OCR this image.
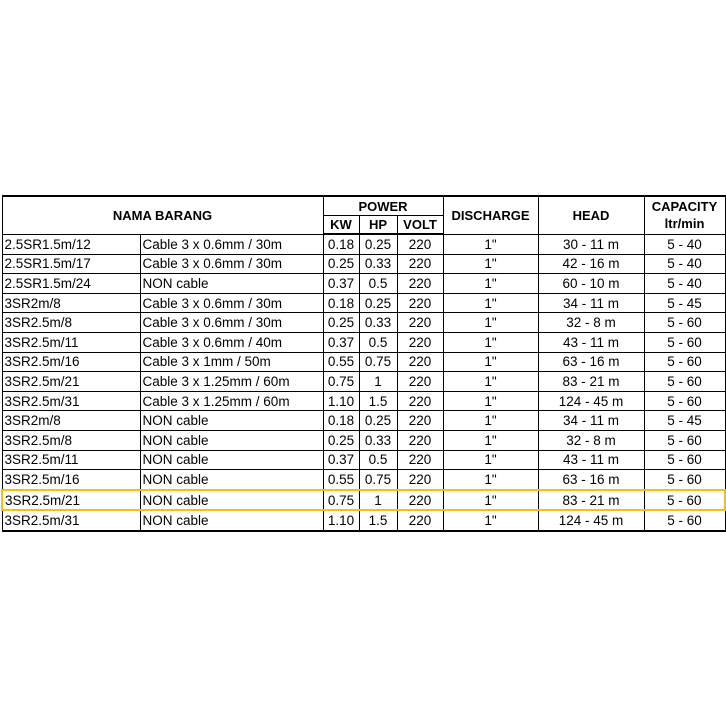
NAMA BARANG		POWER			DISCHARGE	HEAD	CAPACITY
ltr/min

		KW	HP	VOLT			
2.5SR1.5m/12	Cable 3 x 0.6mm / 30m	0.18	0.25	220	1"	30 - 11 m	5 - 40
2.5SR1.5m/17	Cable 3 x 0.6mm / 30m	0.25	0.33	220	1"	42 - 16 m	5 - 40
2.5SR1.5m/24	NON cable	0.37	0.5	220	1"	60 - 10 m	5 - 40
3SR2m/8	Cable 3 x 0.6mm / 30m	0.18	0.25	220	1"	34 - 11 m	5 - 45
3SR2.5m/8	Cable 3 x 0.6mm / 30m	0.25	0.33	220	1"	32 - 8 m	5 - 60
3SR2.5m/11	Cable 3 x 0.6mm / 40m	0.37	0.5	220	1"	43 - 11 m	5 - 60
3SR2.5m/16	Cable 3 x 1mm / 50m	0.55	0.75	220	1"	63 - 16 m	5 - 60
3SR2.5m/21	Cable 3 x 1.25mm / 60m	0.75	1	220	1"	83 - 21 m	5 - 60
3SR2.5m/31	Cable 3 x 1.25mm / 60m	1.10	1.5	220	1"	124 - 45 m	5 - 60
3SR2m/8	NON cable	0.18	0.25	220	1"	34 - 11 m	5 - 45
3SR2.5m/8	NON cable	0.25	0.33	220	1"	32 - 8 m	5 - 60
3SR2.5m/11	NON cable	0.37	0.5	220	1"	43 - 11 m	5 - 60
3SR2.5m/16	NON cable	0.55	0.75	220	1"	63 - 16 m	5 - 60
3SR2.5m/21	NON cable	0.75	1	220	1"	83 - 21 m	5 - 60
3SR2.5m/31	NON cable	1.10	1.5	220	1"	124 - 45 m	5 - 60
